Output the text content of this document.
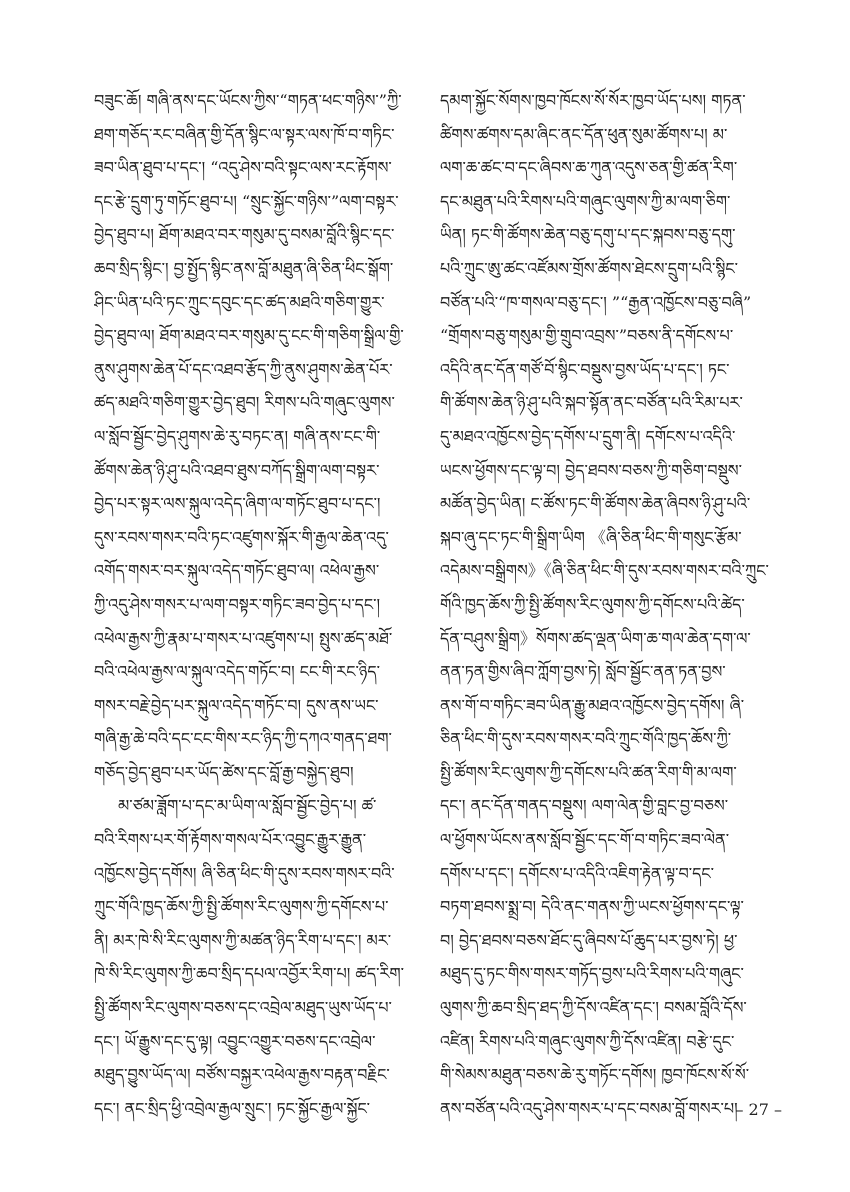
བཟུང་ཆོ། གཞི་ནས་དང་ཡོངས་ཀྱིས་“གཏན་ཕང་གཉིས་”ཀྱི་
ཐག་གཅོད་རང་བཞིན་གྱི་དོན་སྙིང་ལ་སྟར་ལས་ཁོ་བ་གཏིང་
ཟབ་ཡིན་ཐུབ་པ་དང་། “འདུ་ཤེས་བའི་སྟང་ལས་རང་རྟོགས་
དང་རྩེ་དྲུག་ཏུ་གཏོང་ཐུབ་པ། “སྲུང་སྐྱོང་གཉིས་”ལག་བསྟར་
བྱེད་ཐུབ་པ། ཐོག་མཐའ་བར་གསུམ་དུ་བསམ་བློའི་སྙིང་དང་
ཆབ་སྲིད་སྙིང་། བྱ་སྤྱོད་སྙིང་ནས་བློ་མཐུན་ཞི་ཅིན་ཕིང་སྒོག་
ཤིང་ཡིན་པའི་ཏང་ཀྲུང་དབུང་དང་ཚད་མཐའི་གཅིག་གྱུར་
བྱེད་ཐུབ་ལ། ཐོག་མཐའ་བར་གསུམ་དུ་ངང་གི་གཅིག་སྒྲིལ་གྱི་
ནུས་ཤུགས་ཆེན་པོ་དང་འཐབ་རྩོད་ཀྱི་ནུས་ཤུགས་ཆེན་པོར་
ཚད་མཐའི་གཅིག་གྱུར་བྱེད་ཐུབ། རིགས་པའི་གཞུང་ལུགས་
ལ་སློབ་སྦྱོང་བྱེད་ཤུགས་ཆེ་རུ་བཏང་ན། གཞི་ནས་ངང་གི་
ཚོགས་ཆེན་ཉི་ཤུ་པའི་འཐབ་ཐུས་བཀོད་སྒྲིག་ལག་བསྟར་
བྱེད་པར་སྟར་ལས་སྐུལ་འདེད་ཞིག་ལ་གཏོང་ཐུབ་པ་དང་།
དུས་རབས་གསར་བའི་ཏང་འཛུགས་སྐོར་གི་རྒྱལ་ཆེན་འདུ་
འགོད་གསར་བར་སྐུལ་འདེད་གཏོང་ཐུབ་ལ། འཕེལ་རྒྱས་
ཀྱི་འདུ་ཤེས་གསར་པ་ལག་བསྟར་གཏིང་ཟབ་བྱེད་པ་དང་།
འཕེལ་རྒྱས་ཀྱི་རྣམ་པ་གསར་པ་འཛུགས་པ། སྤུས་ཚད་མཐོ་
བའི་འཕེལ་རྒྱས་ལ་སྐུལ་འདེད་གཏོང་བ། ངང་གི་རང་ཉིད་
གསར་བརྗེ་བྱེད་པར་སྐུལ་འདེད་གཏོང་བ། དུས་ནས་ཡང་
གཞི་རྒྱ་ཆེ་བའི་དང་ངང་གིས་རང་ཉིད་ཀྱི་དཀའ་གནད་ཐག་
གཅོད་བྱེད་ཐུབ་པར་ཡོད་ཚེས་དང་བློ་རྒྱ་བསྐྱེད་ཐུབ།
མ་ཙམ་ཟློག་པ་དང་མ་ཡིག་ལ་སློབ་སྦྱོང་བྱེད་པ། ཚ་
བའི་རིགས་པར་གོ་རྟོགས་གསལ་པོར་འབྱུང་རྒྱུར་རྒྱུན་
འཁྱོངས་བྱེད་དགོས། ཞི་ཅིན་ཕིང་གི་དུས་རབས་གསར་བའི་
ཀྲུང་གོའི་ཁྱད་ཆོས་ཀྱི་སྤྱི་ཚོགས་རིང་ལུགས་ཀྱི་དགོངས་པ་
ནི། མར་ཁེ་སི་རིང་ལུགས་ཀྱི་མཚན་ཉིད་རིག་པ་དང་། མར་
ཁེ་སི་རིང་ལུགས་ཀྱི་ཆབ་སྲིད་དཔལ་འབྱོར་རིག་པ། ཚད་རིག་
སྤྱི་ཚོགས་རིང་ལུགས་བཅས་དང་འབྲེལ་མཐུད་ཡུས་ཡོད་པ་
དང་། ཡོ་རྒྱུས་དང་དུ་ལྟ། འབྱུང་འགྱུར་བཅས་དང་འབྲེལ་
མཐུད་བྱུས་ཡོད་ལ། བཙོས་བསྐྱར་འཕེལ་རྒྱས་བརྟན་བརྗིང་
དང་། ནང་སྲིད་ཕྱི་འབྲེལ་རྒྱལ་སྲུང་། ཏང་སྐྱོང་རྒྱལ་སྐྱོང་
དམག་སྐྱོང་སོགས་ཁྱབ་ཁོངས་སོ་སོར་ཁྱབ་ཡོད་པས། གཏན་
ཚིགས་ཚགས་དམ་ཞིང་ནང་དོན་ཕུན་སུམ་ཚོགས་པ། མ་
ལག་ཆ་ཚང་བ་དང་ཞིབས་ཆ་ཀུན་འདུས་ཅན་གྱི་ཚན་རིག་
དང་མཐུན་པའི་རིགས་པའི་གཞུང་ལུགས་ཀྱི་མ་ལག་ཅིག་
ཡིན། ཏང་གི་ཚོགས་ཆེན་བཅུ་དགུ་པ་དང་སྐབས་བཅུ་དགུ་
པའི་ཀྲུང་ཨུ་ཚང་འཛོམས་གྲོས་ཚོགས་ཐེངས་དྲུག་པའི་སྙིང་
བཙོན་པའི་“ཁ་གསལ་བཅུ་དང་། ”“རྒྱན་འཁྱོངས་བཅུ་བཞི”
“གྲོགས་བཅུ་གསུམ་གྱི་གྲུབ་འབྲས་”བཅས་ནི་དགོངས་པ་
འདིའི་ནང་དོན་གཙོ་བོ་སྙིང་བསྡུས་བྱས་ཡོད་པ་དང་། ཏང་
གི་ཚོགས་ཆེན་ཉི་ཤུ་པའི་སྐབ་སྟོན་ནང་བཙོན་པའི་རིམ་པར་
དུ་མཐའ་འཁྱོངས་བྱེད་དགོས་པ་དྲུག་ནི། དགོངས་པ་འདིའི་
ཡངས་ཕྱོགས་དང་ལྟ་བ། བྱེད་ཐབས་བཅས་ཀྱི་གཅིག་བསྡུས་
མཚོན་བྱེད་ཡིན། ང་ཚོས་ཏང་གི་ཚོགས་ཆེན་ཞིབས་ཉི་ཤུ་པའི་
སྐབ་ཞུ་དང་ཏང་གི་སྒྲིག་ཡིག 《ཞི་ཅིན་ཕིང་གི་གསུང་རྩོམ་
འདེམས་བསྒྲིགས》《ཞི་ཅིན་ཕིང་གི་དུས་རབས་གསར་བའི་ཀྲུང་
གོའི་ཁྱད་ཆོས་ཀྱི་སྤྱི་ཚོགས་རིང་ལུགས་ཀྱི་དགོངས་པའི་ཚེད་
དོན་བཤུས་སྒྲིག》སོགས་ཚད་ལྡན་ཡིག་ཆ་གལ་ཆེན་དག་ལ་
ནན་ཏན་གྱིས་ཞིབ་ཀློག་བྱས་ཏེ། སློབ་སྦྱོང་ནན་ཏན་བྱས་
ནས་གོ་བ་གཏིང་ཟབ་ཡིན་རྒྱུ་མཐའ་འཁྱོངས་བྱེད་དགོས། ཞི་
ཅིན་ཕིང་གི་དུས་རབས་གསར་བའི་ཀྲུང་གོའི་ཁྱད་ཆོས་ཀྱི་
སྤྱི་ཚོགས་རིང་ལུགས་ཀྱི་དགོངས་པའི་ཚན་རིག་གི་མ་ལག་
དང་། ནང་དོན་གནད་བསྡུས། ལག་ལེན་གྱི་བླང་བྱ་བཅས་
ལ་ཕྱོགས་ཡོངས་ནས་སློབ་སྦྱོང་དང་གོ་བ་གཏིང་ཟབ་ལེན་
དགོས་པ་དང་། དགོངས་པ་འདིའི་འཇིག་རྟེན་ལྟ་བ་དང་
བཏག་ཐབས་སྨྲ་བ། དེའི་ནང་གནས་ཀྱི་ཡངས་ཕྱོགས་དང་ལྟ་
བ། བྱེད་ཐབས་བཅས་ཐོང་དུ་ཞིབས་པོ་ཆུད་པར་བྱས་ཏེ། ཕྱ་
མཐུད་དུ་ཏང་གིས་གསར་གཏོད་བྱས་པའི་རིགས་པའི་གཞུང་
ལུགས་ཀྱི་ཆབ་སྲིད་ཐད་ཀྱི་དོས་འཛིན་དང་། བསམ་བློའི་དོས་
འཛིན། རིགས་པའི་གཞུང་ལུགས་ཀྱི་དོས་འཛིན། བརྩེ་དུང་
གི་སེམས་མཐུན་བཅས་ཆེ་རུ་གཏོང་དགོས། ཁྱབ་ཁོངས་སོ་སོ་
ནས་བཙོན་པའི་འདུ་ཤེས་གསར་པ་དང་བསམ་བློ་གསར་པ།
– 27 –
